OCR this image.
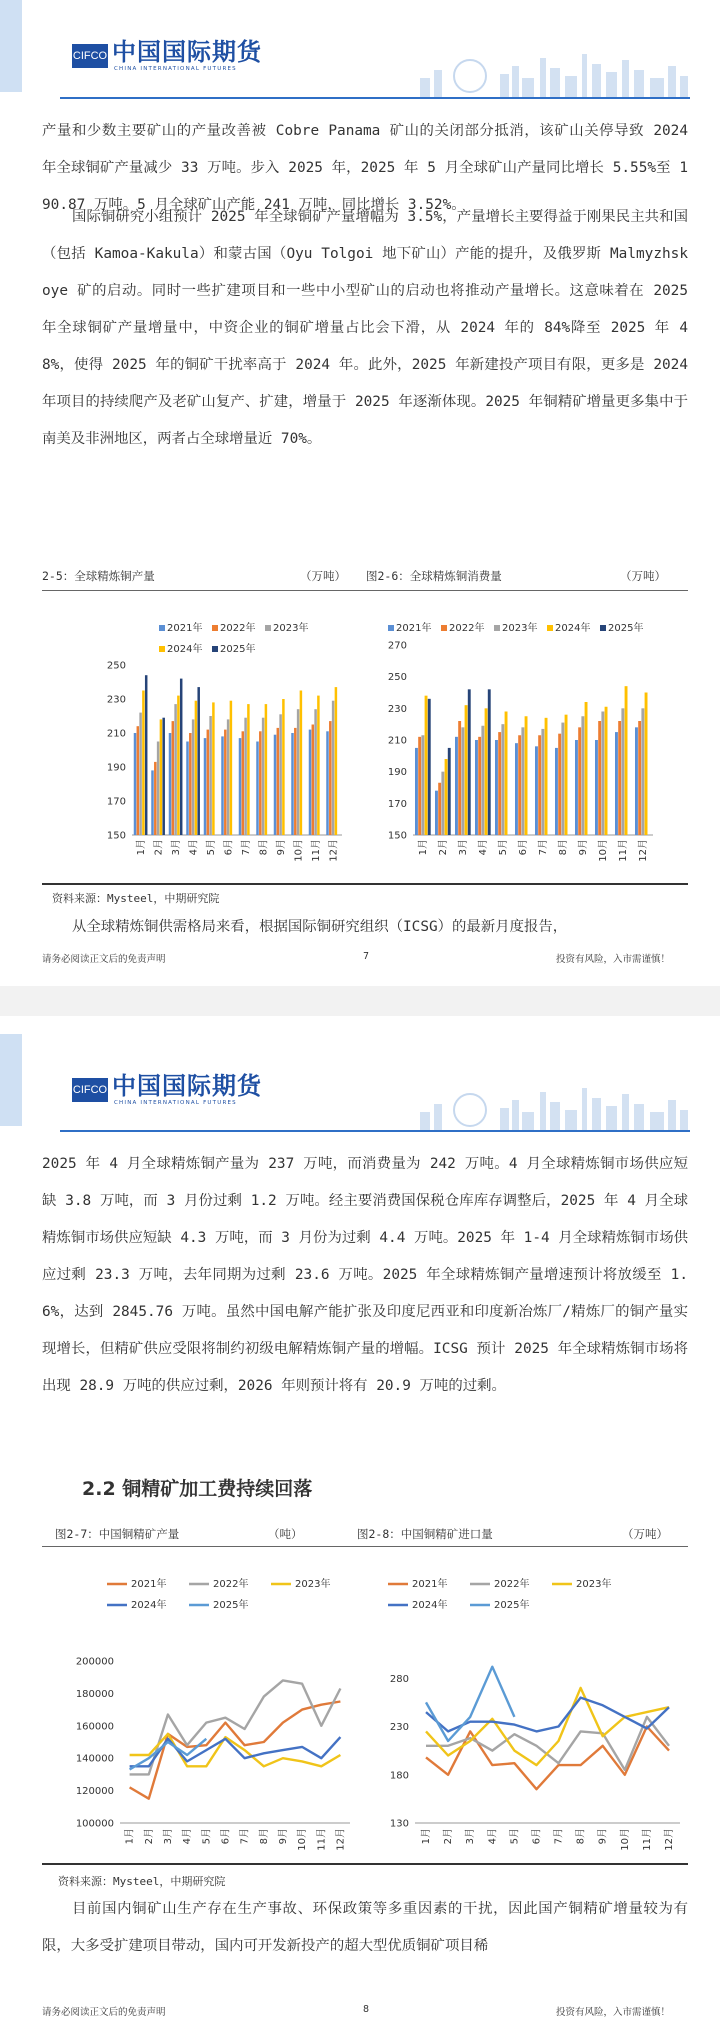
CIFCO 中国国际期货
CHINA INTERNATIONAL FUTURES
产量和少数主要矿山的产量改善被 Cobre Panama 矿山的关闭部分抵消，该矿山关停导致 2024 年全球铜矿产量减少 33 万吨。步入 2025 年，2025 年 5 月全球矿山产量同比增长 5.55%至 190.87 万吨。5 月全球矿山产能 241 万吨，同比增长 3.52%。
国际铜研究小组预计 2025 年全球铜矿产量增幅为 3.5%，产量增长主要得益于刚果民主共和国（包括 Kamoa-Kakula）和蒙古国（Oyu Tolgoi 地下矿山）产能的提升，及俄罗斯 Malmyzhskoye 矿的启动。同时一些扩建项目和一些中小型矿山的启动也将推动产量增长。这意味着在 2025 年全球铜矿产量增量中，中资企业的铜矿增量占比会下滑，从 2024 年的 84%降至 2025 年 48%，使得 2025 年的铜矿干扰率高于 2024 年。此外，2025 年新建投产项目有限，更多是 2024 年项目的持续爬产及老矿山复产、扩建，增量于 2025 年逐渐体现。2025 年铜精矿增量更多集中于南美及非洲地区，两者占全球增量近 70%。
2-5：全球精炼铜产量	（万吨） 图2-6：全球精炼铜消费量	（万吨）
150
170
190
210
230
250
1月 2月 3月 4月 5月 6月 7月 8月 9月 10月 11月 12月
2021年 2022年 2023年
2024年 2025年
150
170
190
210
230
250
270
1月 2月 3月 4月 5月 6月 7月 8月 9月 10月 11月 12月
2021年 2022年 2023年 2024年 2025年
资料来源：Mysteel，中期研究院
从全球精炼铜供需格局来看，根据国际铜研究组织（ICSG）的最新月度报告，
请务必阅读正文后的免责声明	7	投资有风险，入市需谨慎！
CIFCO 中国国际期货
CHINA INTERNATIONAL FUTURES
2025 年 4 月全球精炼铜产量为 237 万吨，而消费量为 242 万吨。4 月全球精炼铜市场供应短缺 3.8 万吨，而 3 月份过剩 1.2 万吨。经主要消费国保税仓库库存调整后，2025 年 4 月全球精炼铜市场供应短缺 4.3 万吨，而 3 月份为过剩 4.4 万吨。2025 年 1-4 月全球精炼铜市场供应过剩 23.3 万吨，去年同期为过剩 23.6 万吨。2025 年全球精炼铜产量增速预计将放缓至 1.6%，达到 2845.76 万吨。虽然中国电解产能扩张及印度尼西亚和印度新冶炼厂/精炼厂的铜产量实现增长，但精矿供应受限将制约初级电解精炼铜产量的增幅。ICSG 预计 2025 年全球精炼铜市场将出现 28.9 万吨的供应过剩，2026 年则预计将有 20.9 万吨的过剩。
2.2 铜精矿加工费持续回落
图2-7：中国铜精矿产量	（吨）	图2-8：中国铜精矿进口量	（万吨）
100000
120000
140000
160000
180000
200000
1月 2月 3月 4月 5月 6月 7月 8月 9月 10月 11月 12月
2021年	2022年	2023年
2024年	2025年
130
180
230
280
1月 2月 3月 4月 5月 6月 7月 8月 9月 10月 11月 12月
2021年	2022年	2023年
2024年	2025年
资料来源：Mysteel，中期研究院
目前国内铜矿山生产存在生产事故、环保政策等多重因素的干扰，因此国产铜精矿增量较为有限，大多受扩建项目带动，国内可开发新投产的超大型优质铜矿项目稀
请务必阅读正文后的免责声明	8	投资有风险，入市需谨慎！
